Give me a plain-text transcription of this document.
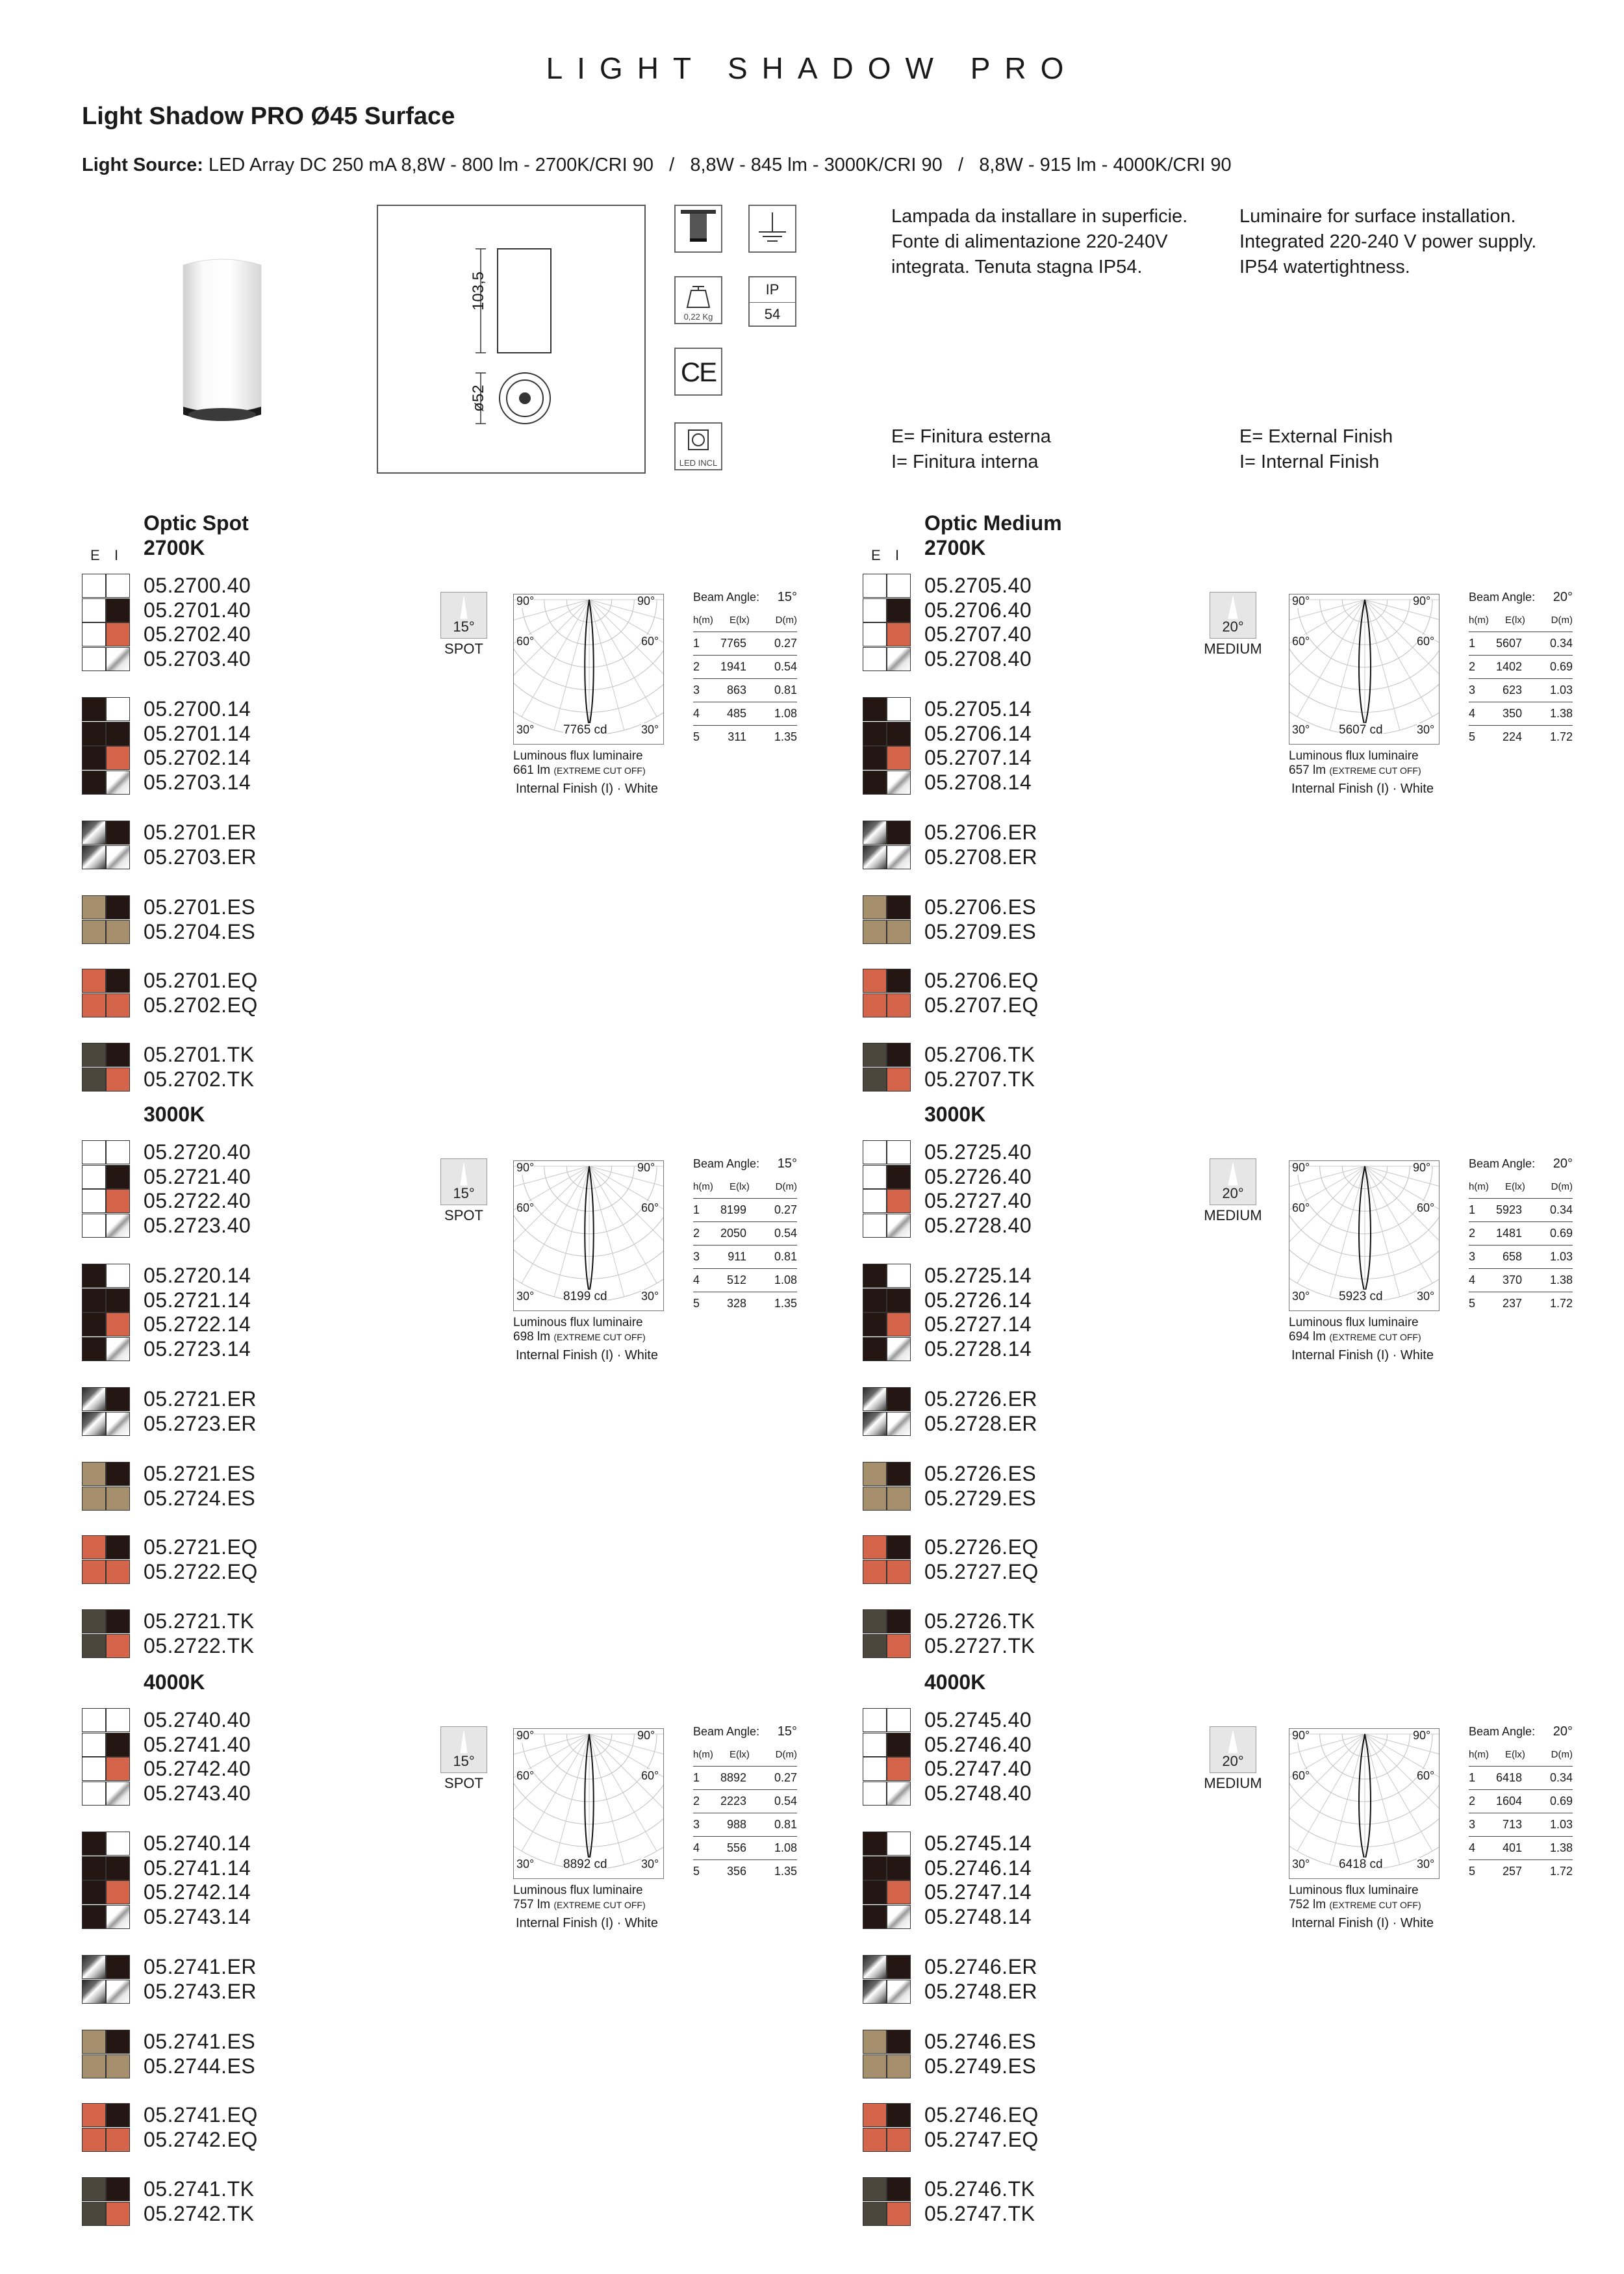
LIGHT SHADOW PRO
Light Shadow PRO Ø45 Surface
Light Source: LED Array DC 250 mA 8,8W - 800 lm - 2700K/CRI 90   /   8,8W - 845 lm - 3000K/CRI 90   /   8,8W - 915 lm - 4000K/CRI 90
103,5
ø52
0,22 Kg
IP
54
CE
LED INCL
Lampada da installare in superficie.
Fonte di alimentazione 220-240V
integrata. Tenuta stagna IP54.
Luminaire for surface installation.
Integrated 220-240 V power supply.
IP54 watertightness.
E= Finitura esterna
I= Finitura interna
E= External Finish
I= Internal Finish
Optic Spot
E I 2700K
05.2700.40
05.2701.40
05.2702.40
05.2703.40
05.2700.14
05.2701.14
05.2702.14
05.2703.14
05.2701.ER
05.2703.ER
05.2701.ES
05.2704.ES
05.2701.EQ
05.2702.EQ
05.2701.TK
05.2702.TK
15°
SPOT
90°	90°
60°	60°
30°	30°
7765 cd
Luminous flux luminaire
661 lm (EXTREME CUT OFF)
Internal Finish (I) · White
Beam Angle: 15°
h(m) E(lx)	D(m)
1 7765 0.27
2 1941 0.54
3 863 0.81
4 485 1.08
5 311 1.35
3000K
05.2720.40
05.2721.40
05.2722.40
05.2723.40
05.2720.14
05.2721.14
05.2722.14
05.2723.14
05.2721.ER
05.2723.ER
05.2721.ES
05.2724.ES
05.2721.EQ
05.2722.EQ
05.2721.TK
05.2722.TK
15°
SPOT
90°	90°
60°	60°
30°	30°
8199 cd
Luminous flux luminaire
698 lm (EXTREME CUT OFF)
Internal Finish (I) · White
Beam Angle: 15°
h(m) E(lx)	D(m)
1 8199 0.27
2 2050 0.54
3 911 0.81
4 512 1.08
5 328 1.35
4000K
05.2740.40
05.2741.40
05.2742.40
05.2743.40
05.2740.14
05.2741.14
05.2742.14
05.2743.14
05.2741.ER
05.2743.ER
05.2741.ES
05.2744.ES
05.2741.EQ
05.2742.EQ
05.2741.TK
05.2742.TK
15°
SPOT
90°	90°
60°	60°
30°	30°
8892 cd
Luminous flux luminaire
757 lm (EXTREME CUT OFF)
Internal Finish (I) · White
Beam Angle: 15°
h(m) E(lx)	D(m)
1 8892 0.27
2 2223 0.54
3 988 0.81
4 556 1.08
5 356 1.35
Optic Medium
E I 2700K
05.2705.40
05.2706.40
05.2707.40
05.2708.40
05.2705.14
05.2706.14
05.2707.14
05.2708.14
05.2706.ER
05.2708.ER
05.2706.ES
05.2709.ES
05.2706.EQ
05.2707.EQ
05.2706.TK
05.2707.TK
20°
MEDIUM
90°	90°
60°	60°
30°	30°
5607 cd
Luminous flux luminaire
657 lm (EXTREME CUT OFF)
Internal Finish (I) · White
Beam Angle: 20°
h(m) E(lx)	D(m)
1 5607 0.34
2 1402 0.69
3 623 1.03
4 350 1.38
5 224 1.72
3000K
05.2725.40
05.2726.40
05.2727.40
05.2728.40
05.2725.14
05.2726.14
05.2727.14
05.2728.14
05.2726.ER
05.2728.ER
05.2726.ES
05.2729.ES
05.2726.EQ
05.2727.EQ
05.2726.TK
05.2727.TK
20°
MEDIUM
90°	90°
60°	60°
30°	30°
5923 cd
Luminous flux luminaire
694 lm (EXTREME CUT OFF)
Internal Finish (I) · White
Beam Angle: 20°
h(m) E(lx)	D(m)
1 5923 0.34
2 1481 0.69
3 658 1.03
4 370 1.38
5 237 1.72
4000K
05.2745.40
05.2746.40
05.2747.40
05.2748.40
05.2745.14
05.2746.14
05.2747.14
05.2748.14
05.2746.ER
05.2748.ER
05.2746.ES
05.2749.ES
05.2746.EQ
05.2747.EQ
05.2746.TK
05.2747.TK
20°
MEDIUM
90°	90°
60°	60°
30°	30°
6418 cd
Luminous flux luminaire
752 lm (EXTREME CUT OFF)
Internal Finish (I) · White
Beam Angle: 20°
h(m) E(lx)	D(m)
1 6418 0.34
2 1604 0.69
3 713 1.03
4 401 1.38
5 257 1.72
